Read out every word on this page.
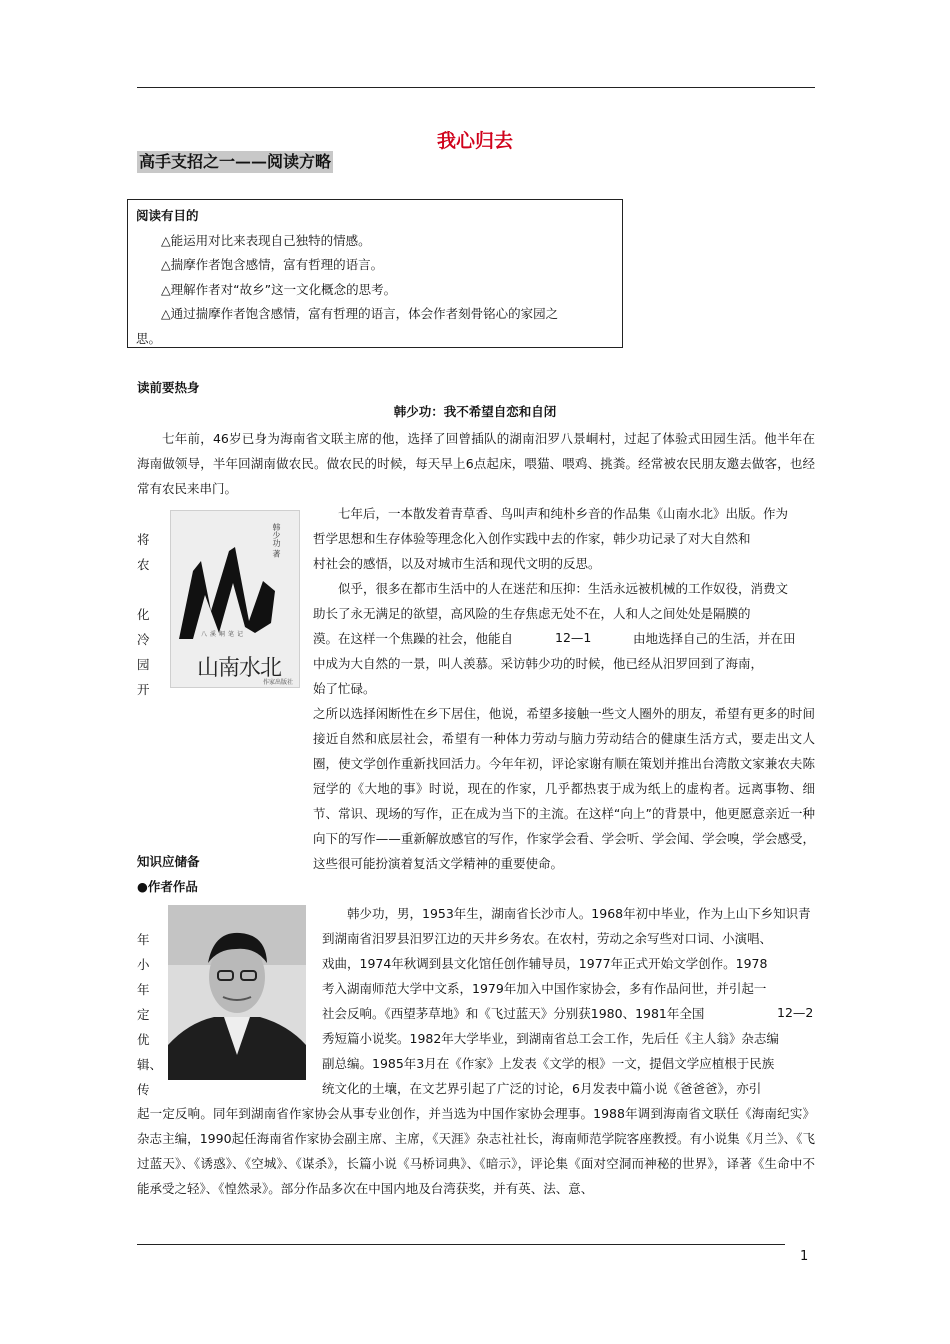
我心归去
高手支招之一——阅读方略
阅读有目的
△能运用对比来表现自己独特的情感。
△揣摩作者饱含感情，富有哲理的语言。
△理解作者对“故乡”这一文化概念的思考。
△通过揣摩作者饱含感情，富有哲理的语言，体会作者刻骨铭心的家园之
思。
读前要热身
韩少功：我不希望自恋和自闭
七年前，46岁已身为海南省文联主席的他，选择了回曾插队的湖南汨罗八景峒村，过起了体验式田园生活。他半年在海南做领导，半年回湖南做农民。做农民的时候，每天早上6点起床，喂猫、喂鸡、挑粪。经常被农民朋友邀去做客，也经常有农民来串门。
韩少功 著
八溪峒笔记
山南水北
作家出版社
七年后，一本散发着青草香、鸟叫声和纯朴乡音的作品集《山南水北》出版。作为
哲学思想和生存体验等理念化入创作实践中去的作家，韩少功记录了对大自然和
村社会的感悟，以及对城市生活和现代文明的反思。
似乎，很多在都市生活中的人在迷茫和压抑：生活永远被机械的工作奴役，消费文
助长了永无满足的欲望，高风险的生存焦虑无处不在，人和人之间处处是隔膜的
漠。在这样一个焦躁的社会，他能自	12—1	由地选择自己的生活，并在田
中成为大自然的一景，叫人羡慕。采访韩少功的时候，他已经从汨罗回到了海南，
始了忙碌。
将
农
化
冷
园
开
之所以选择闲断性在乡下居住，他说，希望多接触一些文人圈外的朋友，希望有更多的时间接近自然和底层社会，希望有一种体力劳动与脑力劳动结合的健康生活方式，要走出文人圈，使文学创作重新找回活力。今年年初，评论家谢有顺在策划并推出台湾散文家兼农夫陈冠学的《大地的事》时说，现在的作家，几乎都热衷于成为纸上的虚构者。远离事物、细节、常识、现场的写作，正在成为当下的主流。在这样“向上”的背景中，他更愿意亲近一种向下的写作——重新解放感官的写作，作家学会看、学会听、学会闻、学会嗅，学会感受，这些很可能扮演着复活文学精神的重要使命。
知识应储备
●作者作品
韩少功，男，1953年生，湖南省长沙市人。1968年初中毕业，作为上山下乡知识青
到湖南省汨罗县汨罗江边的天井乡务农。在农村，劳动之余写些对口词、小演唱、
戏曲，1974年秋调到县文化馆任创作辅导员，1977年正式开始文学创作。1978
考入湖南师范大学中文系，1979年加入中国作家协会，多有作品问世，并引起一
社会反响。《西望茅草地》和《飞过蓝天》分别获1980、1981年全国	12—2
秀短篇小说奖。1982年大学毕业，到湖南省总工会工作，先后任《主人翁》杂志编
副总编。1985年3月在《作家》上发表《文学的根》一文，提倡文学应植根于民族
统文化的土壤，在文艺界引起了广泛的讨论，6月发表中篇小说《爸爸爸》，亦引
年
小
年
定
优
辑、
传
起一定反响。同年到湖南省作家协会从事专业创作，并当选为中国作家协会理事。1988年调到海南省文联任《海南纪实》杂志主编，1990起任海南省作家协会副主席、主席，《天涯》杂志社社长，海南师范学院客座教授。有小说集《月兰》、《飞过蓝天》、《诱惑》、《空城》、《谋杀》，长篇小说《马桥词典》、《暗示》，评论集《面对空洞而神秘的世界》，译著《生命中不能承受之轻》、《惶然录》。部分作品多次在中国内地及台湾获奖，并有英、法、意、
1
